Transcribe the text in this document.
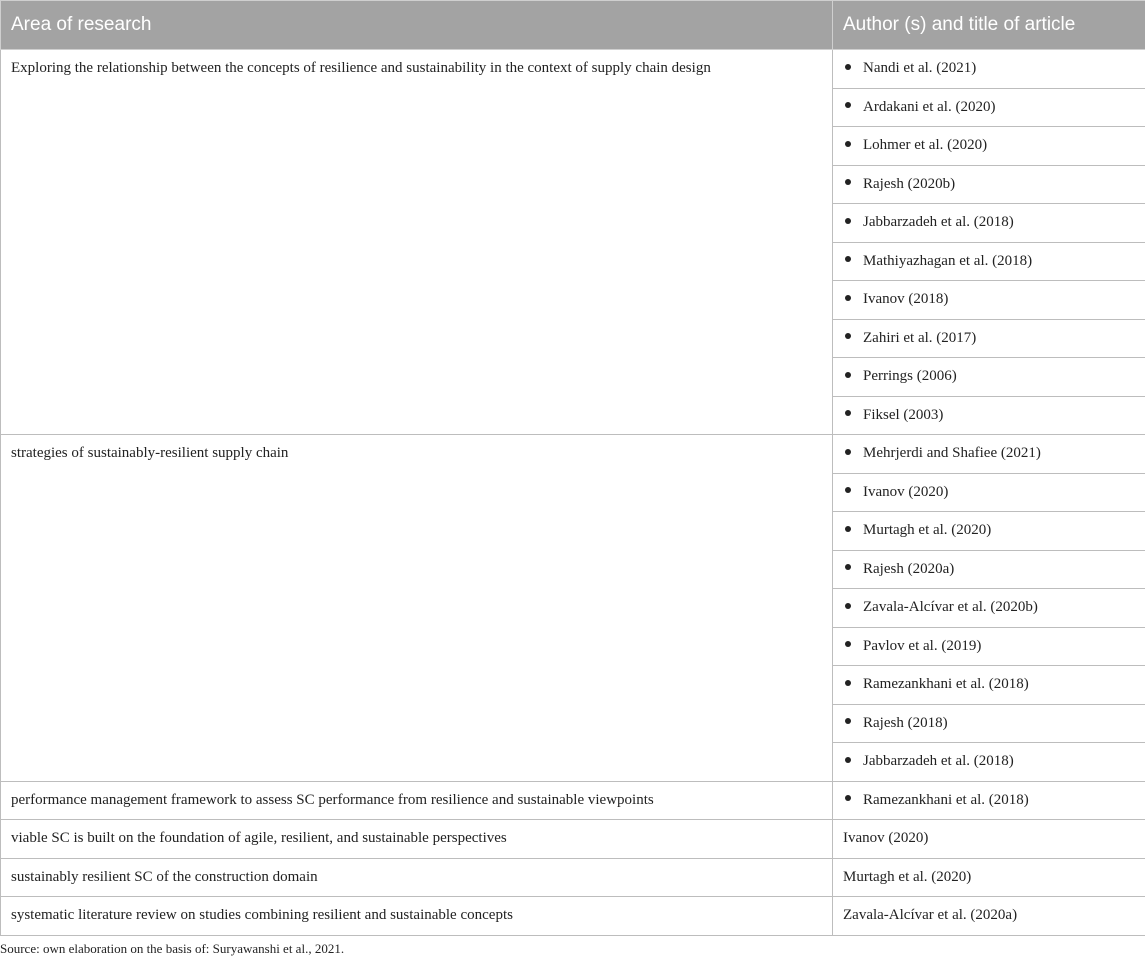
Area of research	Author (s) and title of article
Exploring the relationship between the concepts of resilience and sustainability in the context of supply chain design	Nandi et al. (2021)
	Ardakani et al. (2020)
	Lohmer et al. (2020)
	Rajesh (2020b)
	Jabbarzadeh et al. (2018)
	Mathiyazhagan et al. (2018)
	Ivanov (2018)
	Zahiri et al. (2017)
	Perrings (2006)
	Fiksel (2003)
strategies of sustainably-resilient supply chain	Mehrjerdi and Shafiee (2021)
	Ivanov (2020)
	Murtagh et al. (2020)
	Rajesh (2020a)
	Zavala-Alcívar et al. (2020b)
	Pavlov et al. (2019)
	Ramezankhani et al. (2018)
	Rajesh (2018)
	Jabbarzadeh et al. (2018)
performance management framework to assess SC performance from resilience and sustainable viewpoints	Ramezankhani et al. (2018)
viable SC is built on the foundation of agile, resilient, and sustainable perspectives	Ivanov (2020)
sustainably resilient SC of the construction domain	Murtagh et al. (2020)
systematic literature review on studies combining resilient and sustainable concepts	Zavala-Alcívar et al. (2020a)
Source: own elaboration on the basis of: Suryawanshi et al., 2021.
